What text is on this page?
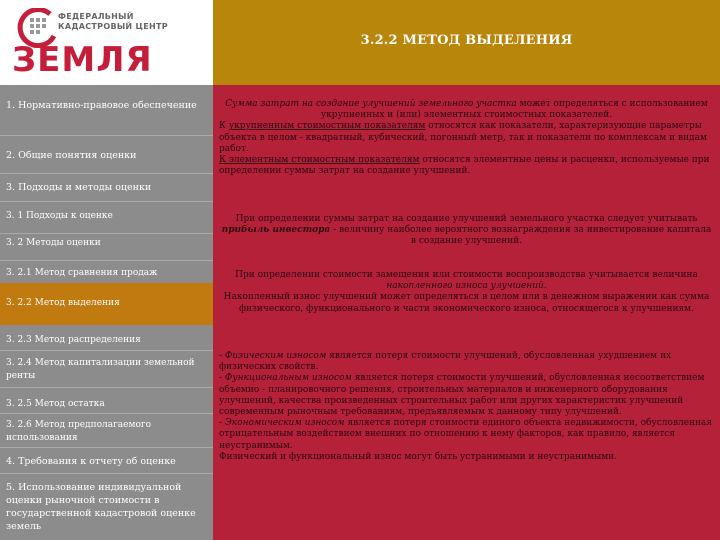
ФЕДЕРАЛЬНЫЙ
КАДАСТРОВЫЙ ЦЕНТР
ЗЕМЛЯ	3.2.2 МЕТОД ВЫДЕЛЕНИЯ
1. Нормативно-правовое обеспечение
2. Общие понятия оценки
3. Подходы и методы оценки
3. 1 Подходы к оценке
3. 2 Методы оценки
3. 2.1 Метод сравнения продаж
3. 2.2 Метод выделения
3. 2.3 Метод распределения
3. 2.4 Метод капитализации земельной ренты
3. 2.5 Метод остатка
3. 2.6 Метод предполагаемого использования
4. Требования к отчету об оценке
5. Использование индивидуальной оценки рыночной стоимости в государственной кадастровой оценке земель
Сумма затрат на создание улучшений земельного участка может определяться с использованием укрупненных и (или) элементных стоимостных показателей.
К укрупненным стоимостным показателям относятся как показатели, характеризующие параметры объекта в целом - квадратный, кубический, погонный метр, так и показатели по комплексам и видам работ.
К элементным стоимостным показателям относятся элементные цены и расценки, используемые при определении суммы затрат на создание улучшений.
При определении суммы затрат на создание улучшений земельного участка следует учитывать прибыль инвестора - величину наиболее вероятного вознаграждения за инвестирование капитала в создание улучшений.
При определении стоимости замещения или стоимости воспроизводства учитывается величина накопленного износа улучшений.
Накопленный износ улучшений может определяться в целом или в денежном выражении как сумма физического, функционального и части экономического износа, относящегося к улучшениям.
- Физическим износом является потеря стоимости улучшений, обусловленная ухудшением их физических свойств.
- Функциональным износом является потеря стоимости улучшений, обусловленная несоответствием объемно - планировочного решения, строительных материалов и инженерного оборудования улучшений, качества произведенных строительных работ или других характеристик улучшений современным рыночным требованиям, предъявляемым к данному типу улучшений.
- Экономическим износом является потеря стоимости единого объекта недвижимости, обусловленная отрицательным воздействием внешних по отношению к нему факторов, как правило, является неустранимым.
Физический и функциональный износ могут быть устранимыми и неустранимыми.
